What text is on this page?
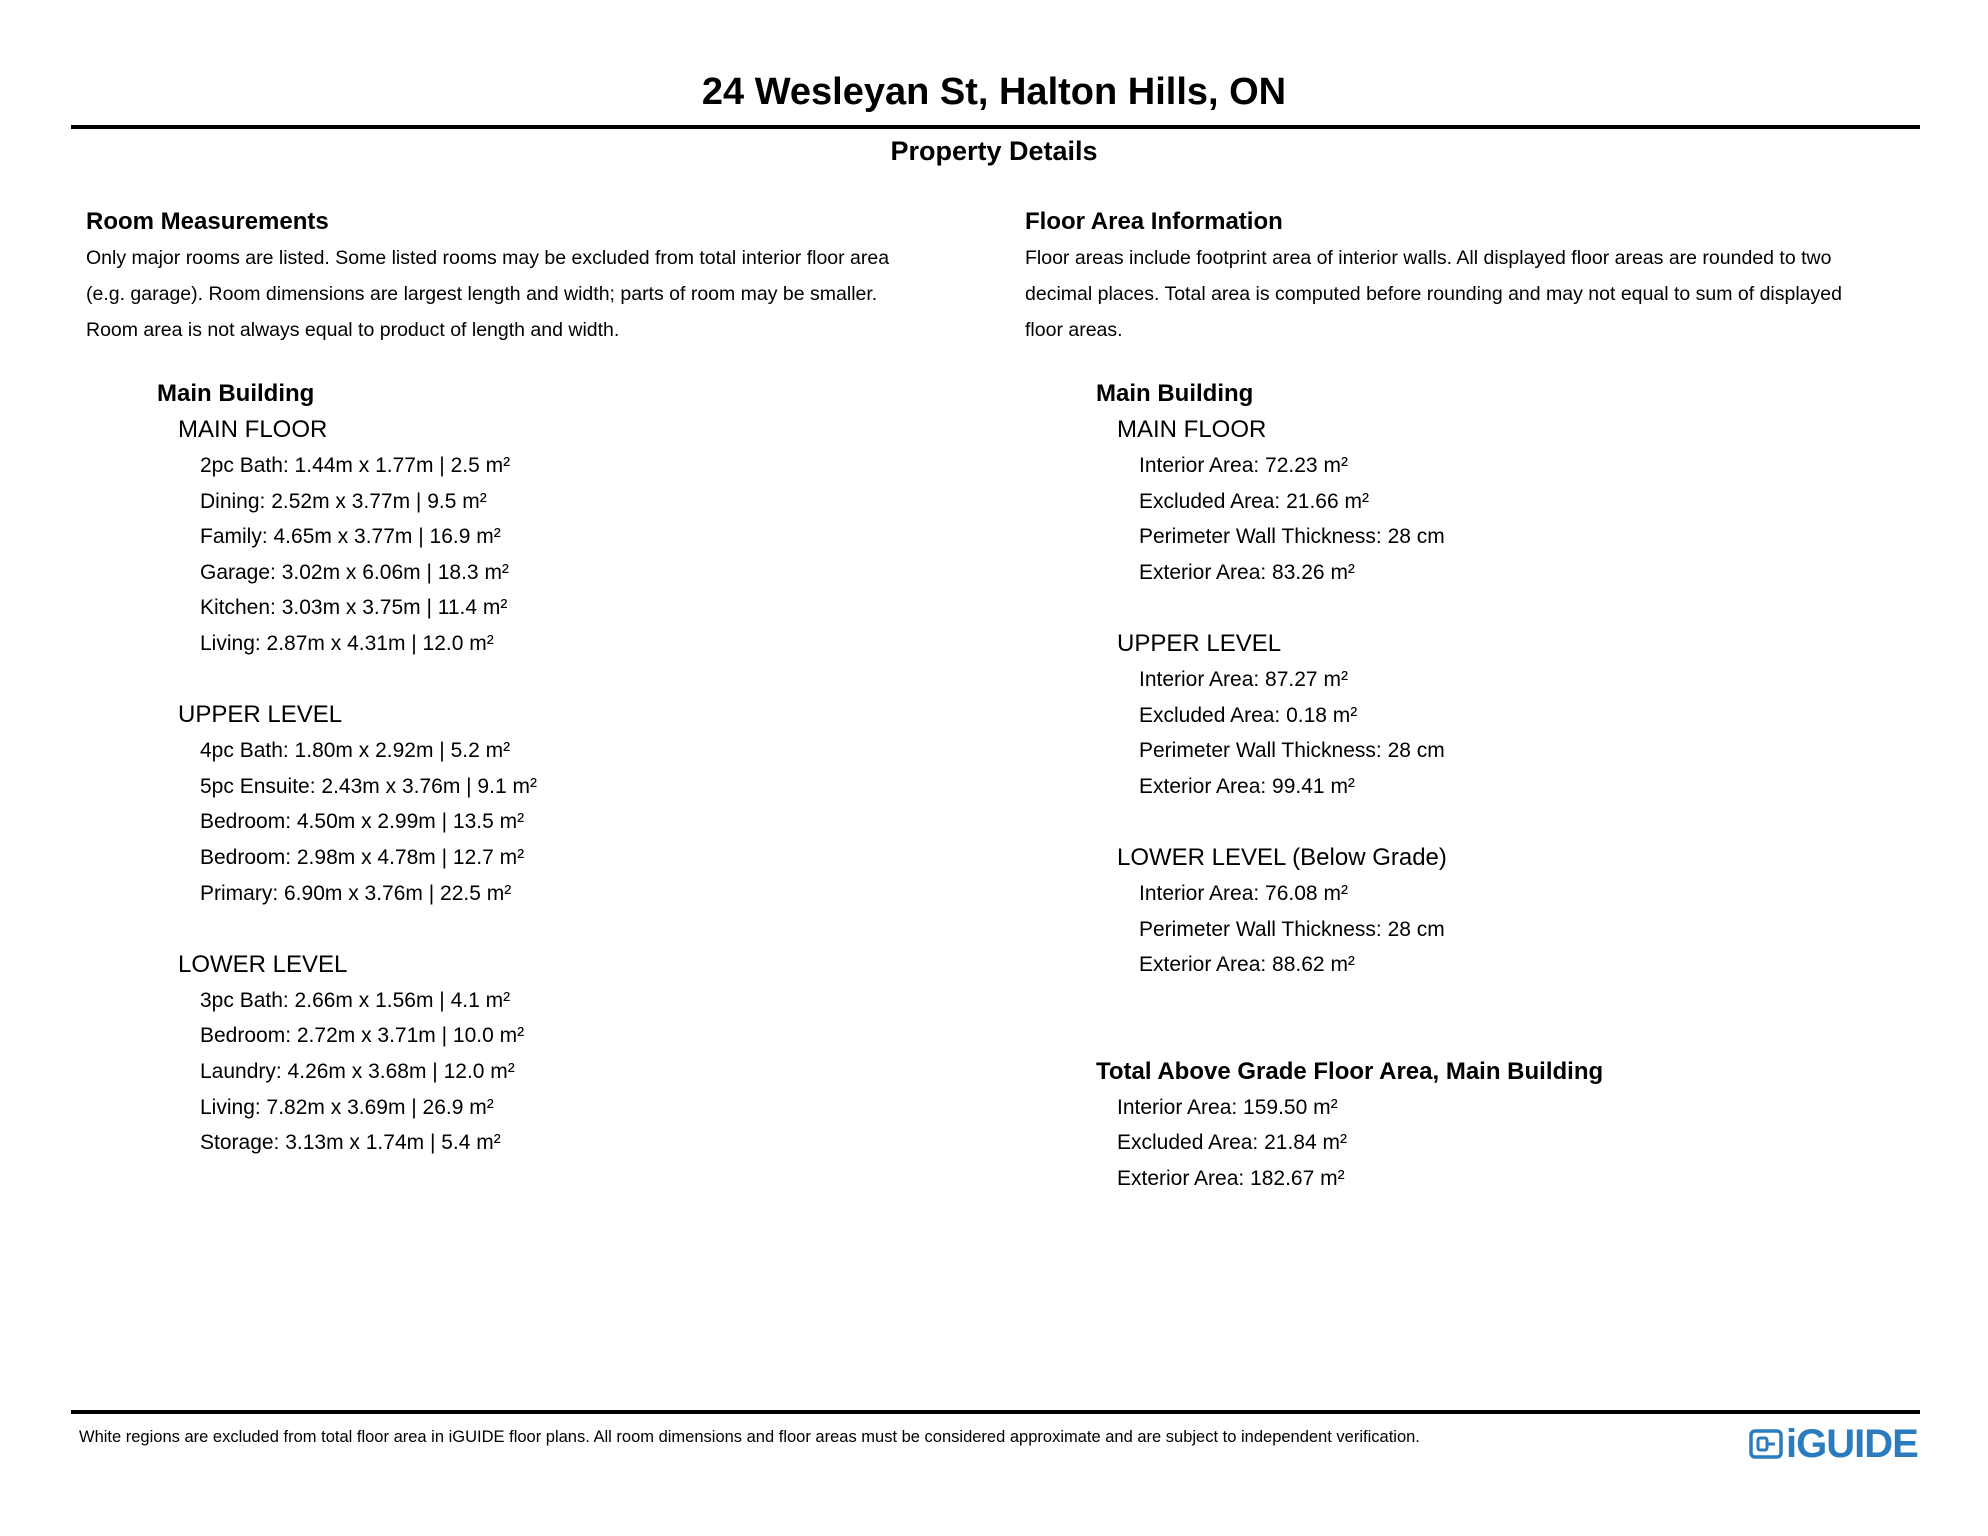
24 Wesleyan St, Halton Hills, ON
Property Details
Room Measurements

Only major rooms are listed. Some listed rooms may be excluded from total interior floor area

(e.g. garage). Room dimensions are largest length and width; parts of room may be smaller.

Room area is not always equal to product of length and width.

Main Building
MAIN FLOOR
2pc Bath: 1.44m x 1.77m | 2.5 m²
Dining: 2.52m x 3.77m | 9.5 m²
Family: 4.65m x 3.77m | 16.9 m²
Garage: 3.02m x 6.06m | 18.3 m²
Kitchen: 3.03m x 3.75m | 11.4 m²
Living: 2.87m x 4.31m | 12.0 m²
UPPER LEVEL
4pc Bath: 1.80m x 2.92m | 5.2 m²
5pc Ensuite: 2.43m x 3.76m | 9.1 m²
Bedroom: 4.50m x 2.99m | 13.5 m²
Bedroom: 2.98m x 4.78m | 12.7 m²
Primary: 6.90m x 3.76m | 22.5 m²
LOWER LEVEL
3pc Bath: 2.66m x 1.56m | 4.1 m²
Bedroom: 2.72m x 3.71m | 10.0 m²
Laundry: 4.26m x 3.68m | 12.0 m²
Living: 7.82m x 3.69m | 26.9 m²
Storage: 3.13m x 1.74m | 5.4 m²
Floor Area Information

Floor areas include footprint area of interior walls. All displayed floor areas are rounded to two

decimal places. Total area is computed before rounding and may not equal to sum of displayed

floor areas.

Main Building
MAIN FLOOR
Interior Area: 72.23 m²
Excluded Area: 21.66 m²
Perimeter Wall Thickness: 28 cm
Exterior Area: 83.26 m²
UPPER LEVEL
Interior Area: 87.27 m²
Excluded Area: 0.18 m²
Perimeter Wall Thickness: 28 cm
Exterior Area: 99.41 m²
LOWER LEVEL (Below Grade)
Interior Area: 76.08 m²
Perimeter Wall Thickness: 28 cm
Exterior Area: 88.62 m²
Total Above Grade Floor Area, Main Building
Interior Area: 159.50 m²
Excluded Area: 21.84 m²
Exterior Area: 182.67 m²
White regions are excluded from total floor area in iGUIDE floor plans. All room dimensions and floor areas must be considered approximate and are subject to independent verification.	iGUIDE
